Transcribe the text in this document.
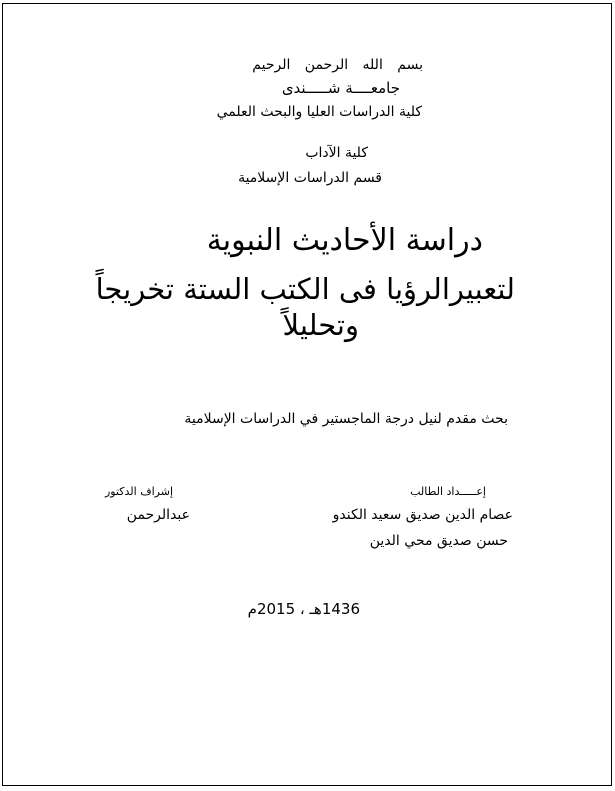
بسم الله الرحمن الرحيم
جامعــــة شـــــندى
كلية الدراسات العليا والبحث العلمي
كلية الآداب
قسم الدراسات الإسلامية
دراسة الأحاديث النبوية
لتعبيرالرؤيا فى الكتب الستة تخريجاً
وتحليلاً
بحث مقدم لنيل درجة الماجستير في الدراسات الإسلامية
إعـــــداد الطالب
إشراف الدكتور
عصام الدين صديق سعيد الكندو
حسن صديق محي الدين
عبدالرحمن
1436هـ ، 2015م
